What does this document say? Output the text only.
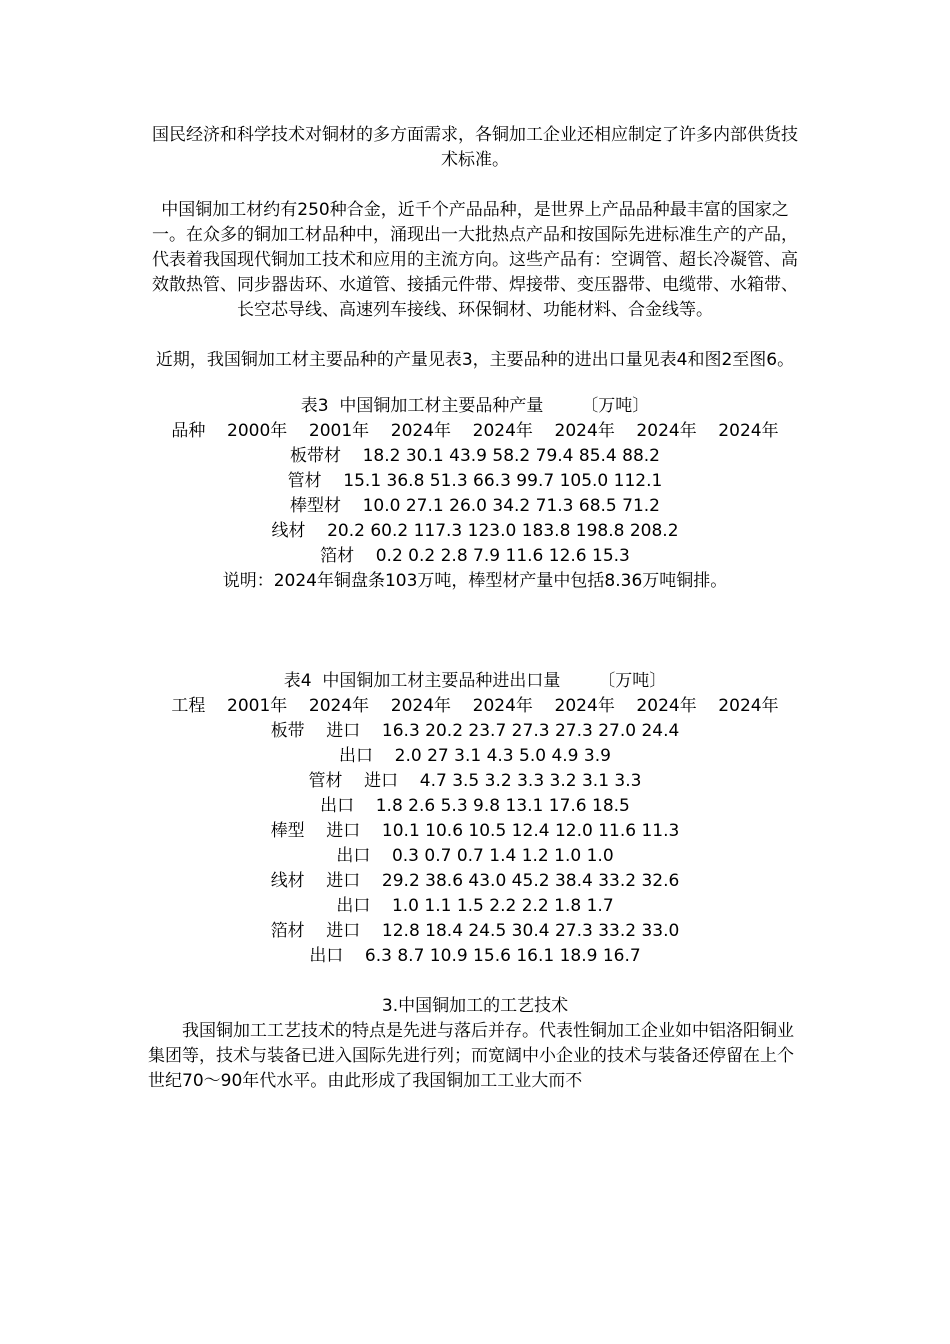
国民经济和科学技术对铜材的多方面需求，各铜加工企业还相应制定了许多内部供货技术标准。

中国铜加工材约有250种合金，近千个产品品种，是世界上产品品种最丰富的国家之一。在众多的铜加工材品种中，涌现出一大批热点产品和按国际先进标准生产的产品，代表着我国现代铜加工技术和应用的主流方向。这些产品有：空调管、超长冷凝管、高效散热管、同步器齿环、水道管、接插元件带、焊接带、变压器带、电缆带、水箱带、长空芯导线、高速列车接线、环保铜材、功能材料、合金线等。

近期，我国铜加工材主要品种的产量见表3，主要品种的进出口量见表4和图2至图6。

表3  中国铜加工材主要品种产量       〔万吨〕

品种    2000年    2001年    2024年    2024年    2024年    2024年    2024年

板带材    18.2 30.1 43.9 58.2 79.4 85.4 88.2

管材    15.1 36.8 51.3 66.3 99.7 105.0 112.1

棒型材    10.0 27.1 26.0 34.2 71.3 68.5 71.2

线材    20.2 60.2 117.3 123.0 183.8 198.8 208.2

箔材    0.2 0.2 2.8 7.9 11.6 12.6 15.3

说明：2024年铜盘条103万吨，棒型材产量中包括8.36万吨铜排。

表4  中国铜加工材主要品种进出口量       〔万吨〕

工程    2001年    2024年    2024年    2024年    2024年    2024年    2024年

板带    进口    16.3 20.2 23.7 27.3 27.3 27.0 24.4

出口    2.0 27 3.1 4.3 5.0 4.9 3.9

管材    进口    4.7 3.5 3.2 3.3 3.2 3.1 3.3

出口    1.8 2.6 5.3 9.8 13.1 17.6 18.5

棒型    进口    10.1 10.6 10.5 12.4 12.0 11.6 11.3

出口    0.3 0.7 0.7 1.4 1.2 1.0 1.0

线材    进口    29.2 38.6 43.0 45.2 38.4 33.2 32.6

出口    1.0 1.1 1.5 2.2 2.2 1.8 1.7

箔材    进口    12.8 18.4 24.5 30.4 27.3 33.2 33.0

出口    6.3 8.7 10.9 15.6 16.1 18.9 16.7

3.中国铜加工的工艺技术

我国铜加工工艺技术的特点是先进与落后并存。代表性铜加工企业如中铝洛阳铜业集团等，技术与装备已进入国际先进行列；而宽阔中小企业的技术与装备还停留在上个世纪70～90年代水平。由此形成了我国铜加工工业大而不
